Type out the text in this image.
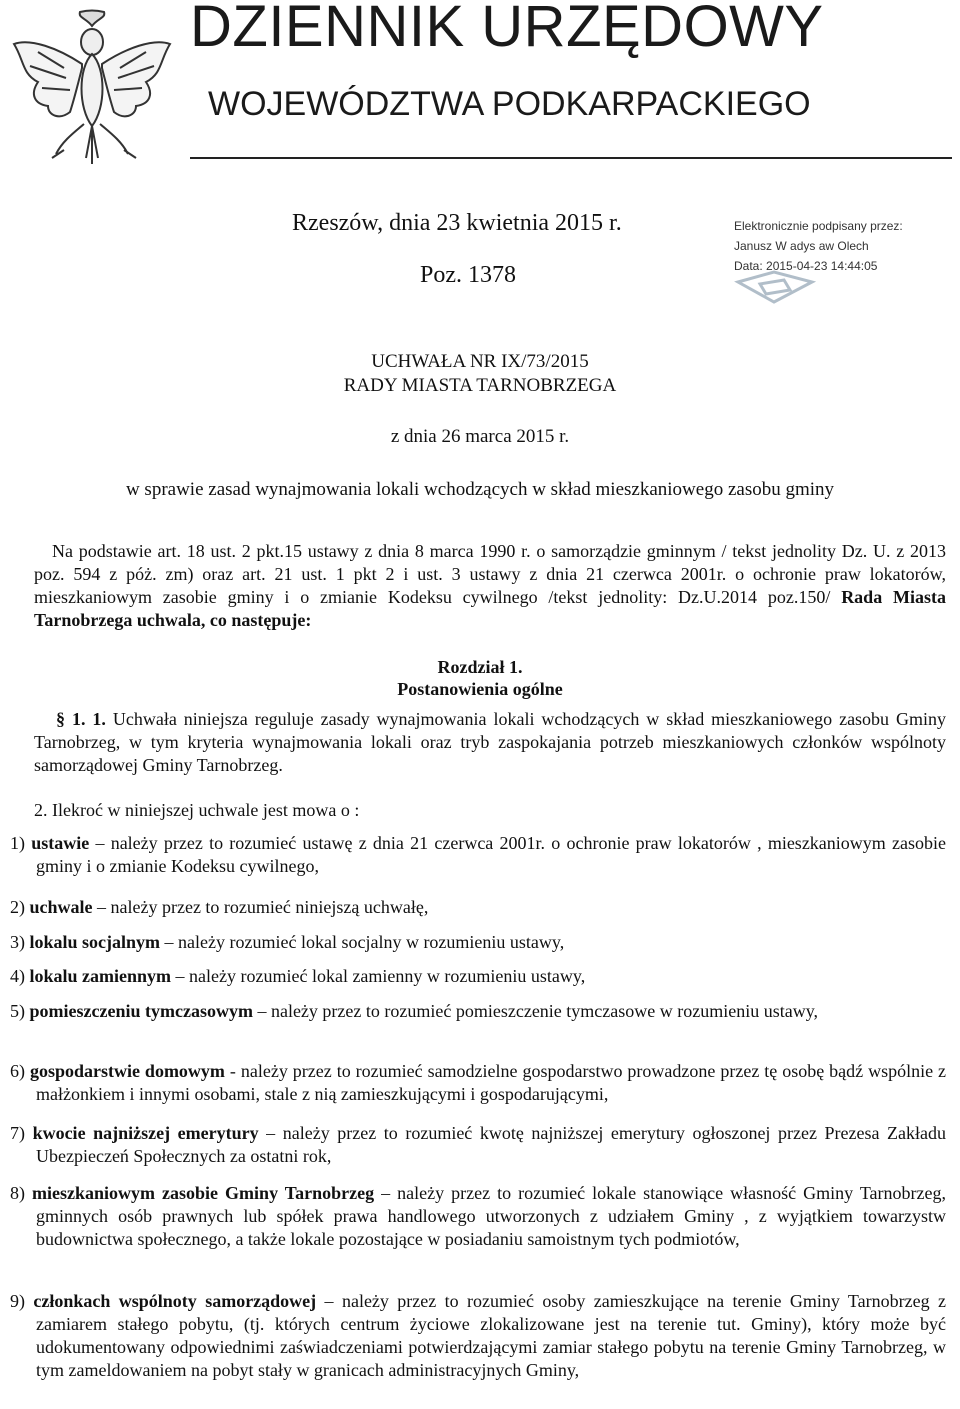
DZIENNIK URZĘDOWY
WOJEWÓDZTWA PODKARPACKIEGO
Rzeszów, dnia 23 kwietnia 2015 r.
Poz. 1378
Elektronicznie podpisany przez:
Janusz W adys aw Olech
Data: 2015-04-23 14:44:05
UCHWAŁA NR IX/73/2015
RADY MIASTA TARNOBRZEGA
z dnia 26 marca 2015 r.
w sprawie zasad wynajmowania lokali wchodzących w skład mieszkaniowego zasobu gminy
Na podstawie art. 18 ust. 2 pkt.15 ustawy z dnia 8 marca 1990 r. o samorządzie gminnym / tekst jednolity Dz. U. z 2013 poz. 594 z póż. zm) oraz art. 21 ust. 1 pkt 2 i ust. 3 ustawy z dnia 21 czerwca 2001r. o ochronie praw lokatorów, mieszkaniowym zasobie gminy i o zmianie Kodeksu cywilnego /tekst jednolity: Dz.U.2014 poz.150/ Rada Miasta Tarnobrzega uchwala, co następuje:
Rozdział 1.
Postanowienia ogólne
§ 1. 1. Uchwała niniejsza reguluje zasady wynajmowania lokali wchodzących w skład mieszkaniowego zasobu Gminy Tarnobrzeg, w tym kryteria wynajmowania lokali oraz tryb zaspokajania potrzeb mieszkaniowych członków wspólnoty samorządowej Gminy Tarnobrzeg.
2. Ilekroć w niniejszej uchwale jest mowa o :
1) ustawie – należy przez to rozumieć ustawę z dnia 21 czerwca 2001r. o ochronie praw lokatorów , mieszkaniowym zasobie gminy i o zmianie Kodeksu cywilnego,
2) uchwale – należy przez to rozumieć niniejszą uchwałę,
3) lokalu socjalnym – należy rozumieć lokal socjalny w rozumieniu ustawy,
4) lokalu zamiennym – należy rozumieć lokal zamienny w rozumieniu ustawy,
5) pomieszczeniu tymczasowym – należy przez to rozumieć pomieszczenie tymczasowe w rozumieniu ustawy,
6) gospodarstwie domowym - należy przez to rozumieć samodzielne gospodarstwo prowadzone przez tę osobę bądź wspólnie z małżonkiem i innymi osobami, stale z nią zamieszkującymi i gospodarującymi,
7) kwocie najniższej emerytury – należy przez to rozumieć kwotę najniższej emerytury ogłoszonej przez Prezesa Zakładu Ubezpieczeń Społecznych za ostatni rok,
8) mieszkaniowym zasobie Gminy Tarnobrzeg – należy przez to rozumieć lokale stanowiące własność Gminy Tarnobrzeg, gminnych osób prawnych lub spółek prawa handlowego utworzonych z udziałem Gminy , z wyjątkiem towarzystw budownictwa społecznego, a także lokale pozostające w posiadaniu samoistnym tych podmiotów,
9) członkach wspólnoty samorządowej – należy przez to rozumieć osoby zamieszkujące na terenie Gminy Tarnobrzeg z zamiarem stałego pobytu, (tj. których centrum życiowe zlokalizowane jest na terenie tut. Gminy), który może być udokumentowany odpowiednimi zaświadczeniami potwierdzającymi zamiar stałego pobytu na terenie Gminy Tarnobrzeg, w tym zameldowaniem na pobyt stały w granicach administracyjnych Gminy,
